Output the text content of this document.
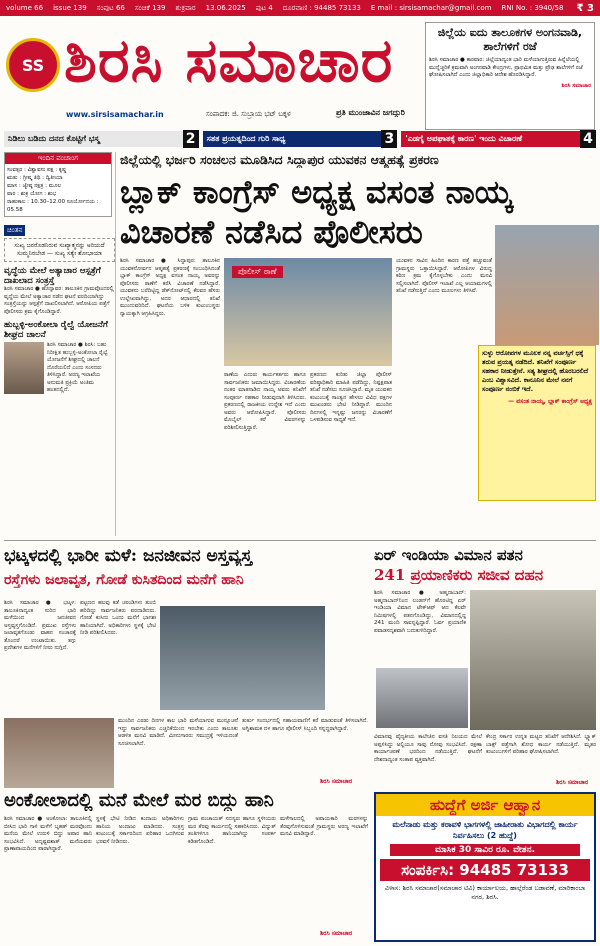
volume 66 issue 139 ಸಂಪುಟ 66 ಸಂಚಿಕೆ 139 ಶುಕ್ರವಾರ 13.06.2025 ಪುಟ 4 ದೂರವಾಣಿ : 94485 73133 E mail : sirsisamachar@gmail.com RNI No. : 3940/58 ₹ 3
SS ಶಿರಸಿ ಸಮಾಚಾರ
www.sirsisamachar.in	ಸಂಪಾದಕ: ಜಿ. ಸುಬ್ರಾಯ ಭಟ್ ಬಕ್ಕಳ	ಪ್ರತಿ ಮುಂಜಾವಿನ ಜಗದ್ಗುರಿ
ಜಿಲ್ಲೆಯ ಐದು ತಾಲೂಕಗಳ ಅಂಗನವಾಡಿ, ಶಾಲೆಗಳಿಗೆ ರಜೆ

ಶಿರಸಿ ಸಮಾಚಾರ ● ಕಾರವಾರ: ಜಿಲ್ಲೆಯಾದ್ಯಂತ ಭಾರಿ ಮಳೆಯಾಗುತ್ತಿರುವ ಹಿನ್ನೆಲೆಯಲ್ಲಿ ಮುನ್ನೆಚ್ಚರಿಕೆ ಕ್ರಮವಾಗಿ ಅಂಗನವಾಡಿ ಕೇಂದ್ರಗಳು, ಪ್ರಾಥಮಿಕ ಮತ್ತು ಪ್ರೌಢ ಶಾಲೆಗಳಿಗೆ ರಜೆ ಘೋಷಿಸಲಾಗಿದೆ ಎಂದು ಜಿಲ್ಲಾಧಿಕಾರಿ ಆದೇಶ ಹೊರಡಿಸಿದ್ದಾರೆ.

ಶಿರಸಿ ಸಮಾಚಾರ

ನಿಡಿಲು ಬಡಿದು ದನದ ಕೊಟ್ಟಿಗೆ ಭಸ್ಮ	2	ಸತತ ಪ್ರಯತ್ನದಿಂದ ಗುರಿ ಸಾಧ್ಯ	3	'ಎಡಗೈ ಅಪಘಾತಕ್ಕೆ ಕಾರಣ' ಇಂದು ವಿಚಾರಣೆ	4
ಇಂದಿನ ಪಂಚಾಂಗ
ಸಂವತ್ಸರ : ವಿಶ್ವಾವಸು ಪಕ್ಷ : ಕೃಷ್ಣ
ಋತು : ಗ್ರೀಷ್ಮ ತಿಥಿ : ದ್ವಿತೀಯಾ
ಮಾಸ : ಜ್ಯೇಷ್ಠ ನಕ್ಷತ್ರ : ಮೂಲ
ವಾರ : ಶುಕ್ರ ಯೋಗ : ಶುಭ
ರಾಹುಕಾಲ : 10.30–12.00 ಸೂರ್ಯೋದಯ : 05.58
ಚಿಂತನ

ಸುಖ್ಯ ಜನರೊಡನಿರುವ ಸುಖ್ಯಾತ್ಮನನ್ನು ಅರಿಯದೆ ಸುಮ್ಮನಿರಬೇಡ — ಸುಖ್ಯ ಸತ್ಯೇ ಶೋಭಾಯಾ

ವೃದ್ಧೆಯ ಮೇಲೆ ಅತ್ಯಾಚಾರ ಆಸ್ಪತ್ರೆಗೆ ದಾಖಲಾದ ಸಂತ್ರಸ್ತೆ
ಶಿರಸಿ ಸಮಾಚಾರ ● ಹೊನ್ನಾವರ: ತಾಲೂಕಿನ ಗ್ರಾಮವೊಂದರಲ್ಲಿ ವೃದ್ಧೆಯ ಮೇಲೆ ಅತ್ಯಾಚಾರ ನಡೆದ ಘಟನೆ ವರದಿಯಾಗಿದ್ದು ಸಂತ್ರಸ್ತೆಯನ್ನು ಆಸ್ಪತ್ರೆಗೆ ದಾಖಲಿಸಲಾಗಿದೆ. ಆರೋಪಿಯ ಪತ್ತೆಗೆ ಪೊಲೀಸರು ಕ್ರಮ ಕೈಗೊಂಡಿದ್ದಾರೆ.
ಹುಬ್ಬಳ್ಳಿ-ಅಂಕೋಲಾ ರೈಲ್ವೆ ಯೋಜನೆಗೆ ಶೀಘ್ರದ ಚಾಲನೆ
ಶಿರಸಿ ಸಮಾಚಾರ ● ಶಿರಸಿ: ಬಹು ನಿರೀಕ್ಷಿತ ಹುಬ್ಬಳ್ಳಿ-ಅಂಕೋಲಾ ರೈಲ್ವೆ ಯೋಜನೆಗೆ ಶೀಘ್ರದಲ್ಲಿ ಚಾಲನೆ ದೊರೆಯಲಿದೆ ಎಂದು ಸಂಸದರು ತಿಳಿಸಿದ್ದಾರೆ. ಅರಣ್ಯ ಇಲಾಖೆಯ ಅನುಮತಿ ಪ್ರಕ್ರಿಯೆ ಅಂತಿಮ ಹಂತದಲ್ಲಿದೆ.
ಜಿಲ್ಲೆಯಲ್ಲಿ ಭರ್ಜರಿ ಸಂಚಲನ ಮೂಡಿಸಿದ ಸಿದ್ದಾಪುರ ಯುವಕನ ಆತ್ಮಹತ್ಯೆ ಪ್ರಕರಣ
ಬ್ಲಾಕ್ ಕಾಂಗ್ರೆಸ್ ಅಧ್ಯಕ್ಷ ವಸಂತ ನಾಯ್ಕ
ವಿಚಾರಣೆ ನಡೆಸಿದ ಪೊಲೀಸರು
ಶಿರಸಿ ಸಮಾಚಾರ ● ಸಿದ್ದಾಪುರ: ತಾಲೂಕಿನ ಯುವಕನೋರ್ವನ ಆತ್ಮಹತ್ಯೆ ಪ್ರಕರಣಕ್ಕೆ ಸಂಬಂಧಿಸಿದಂತೆ ಬ್ಲಾಕ್ ಕಾಂಗ್ರೆಸ್ ಅಧ್ಯಕ್ಷ ವಸಂತ ನಾಯ್ಕ ಅವರನ್ನು ಪೊಲೀಸರು ಠಾಣೆಗೆ ಕರೆಸಿ ವಿಚಾರಣೆ ನಡೆಸಿದ್ದಾರೆ. ಯುವಕನು ಬರೆದಿಟ್ಟಿದ್ದ ಡೆತ್‌ನೋಟ್‌ನಲ್ಲಿ ಕೆಲವರ ಹೆಸರು ಉಲ್ಲೇಖವಾಗಿದ್ದು, ಅದರ ಆಧಾರದಲ್ಲಿ ತನಿಖೆ ಮುಂದುವರಿದಿದೆ. ಘಟನೆಯ ಬಳಿಕ ಕುಟುಂಬಸ್ಥರು ನ್ಯಾಯಕ್ಕಾಗಿ ಆಗ್ರಹಿಸಿದ್ದರು.
ಪೊಲೀಸ್ ಠಾಣೆ
ಠಾಣೆಯ ಎದುರು ಕಾರ್ಯಕರ್ತರು ಹಾಗೂ ಸಾರ್ವಜನಿಕರು ಜಮಾಯಿಸಿದ್ದರು. ವಿಚಾರಣೆಯ ನಂತರ ಮಾತನಾಡಿದ ನಾಯ್ಕ ಅವರು ತನಿಖೆಗೆ ಸಂಪೂರ್ಣ ಸಹಕಾರ ನೀಡುವುದಾಗಿ ತಿಳಿಸಿದರು. ಪ್ರಕರಣದಲ್ಲಿ ರಾಜಕೀಯ ಉದ್ದೇಶ ಇದೆ ಎಂದು ಅವರು ಆರೋಪಿಸಿದ್ದಾರೆ. ಪೊಲೀಸರು ಮೊಬೈಲ್ ಕರೆ ವಿವರಗಳನ್ನು ಪರಿಶೀಲಿಸುತ್ತಿದ್ದಾರೆ.
ಪ್ರಕರಣದ ಕುರಿತು ಜಿಲ್ಲಾ ಪೊಲೀಸ್ ವರಿಷ್ಠಾಧಿಕಾರಿ ಮಾಹಿತಿ ಪಡೆದಿದ್ದು, ನಿಷ್ಪಕ್ಷಪಾತ ತನಿಖೆ ನಡೆಸಲು ಸೂಚಿಸಿದ್ದಾರೆ. ಮೃತ ಯುವಕನ ಕುಟುಂಬಕ್ಕೆ ಸಾಂತ್ವನ ಹೇಳಲು ವಿವಿಧ ಪಕ್ಷಗಳ ಮುಖಂಡರು ಭೇಟಿ ನೀಡಿದ್ದಾರೆ. ಮುಂದಿನ ದಿನಗಳಲ್ಲಿ ಇನ್ನಷ್ಟು ಜನರನ್ನು ವಿಚಾರಣೆಗೆ ಒಳಪಡಿಸುವ ಸಾಧ್ಯತೆ ಇದೆ.
ಯುವಕನ ಸಾವಿನ ಹಿಂದಿನ ಕಾರಣ ಪತ್ತೆ ಹಚ್ಚುವಂತೆ ಗ್ರಾಮಸ್ಥರು ಒತ್ತಾಯಿಸಿದ್ದಾರೆ. ಆರೋಪಿಗಳ ವಿರುದ್ಧ ಕಠಿಣ ಕ್ರಮ ಕೈಗೊಳ್ಳಬೇಕು ಎಂದು ಮನವಿ ಸಲ್ಲಿಸಲಾಗಿದೆ. ಪೊಲೀಸ್ ಇಲಾಖೆ ಎಲ್ಲ ಆಯಾಮಗಳಲ್ಲಿ ತನಿಖೆ ನಡೆಸುತ್ತಿದೆ ಎಂದು ಮೂಲಗಳು ತಿಳಿಸಿವೆ.
ಸುಳ್ಳು ಆರೋಪಗಳ ಮೂಲಕ ನನ್ನ ವರ್ಚಸ್ಸಿಗೆ ಧಕ್ಕೆ ತರುವ ಪ್ರಯತ್ನ ನಡೆದಿದೆ. ತನಿಖೆಗೆ ಸಂಪೂರ್ಣ ಸಹಕಾರ ನೀಡುತ್ತೇನೆ. ಸತ್ಯ ಶೀಘ್ರದಲ್ಲಿ ಹೊರಬರಲಿದೆ ಎಂಬ ವಿಶ್ವಾಸವಿದೆ. ಕಾನೂನಿನ ಮೇಲೆ ನನಗೆ ಸಂಪೂರ್ಣ ನಂಬಿಕೆ ಇದೆ.
— ವಸಂತ ನಾಯ್ಕ, ಬ್ಲಾಕ್ ಕಾಂಗ್ರೆಸ್ ಅಧ್ಯಕ್ಷ
ಭಟ್ಕಳದಲ್ಲಿ ಭಾರೀ ಮಳೆ: ಜನಜೀವನ ಅಸ್ತವ್ಯಸ್ತ
ರಸ್ತೆಗಳು ಜಲಾವೃತ, ಗೋಡೆ ಕುಸಿತದಿಂದ ಮನೆಗೆ ಹಾನಿ
ಶಿರಸಿ ಸಮಾಚಾರ ● ಭಟ್ಕಳ: ತಾಲೂಕಿನಾದ್ಯಂತ ಸುರಿದ ಭಾರಿ ಮಳೆಯಿಂದ ಜನಜೀವನ ಅಸ್ತವ್ಯಸ್ತಗೊಂಡಿದೆ. ಪ್ರಮುಖ ರಸ್ತೆಗಳು ಜಲಾವೃತಗೊಂಡು ವಾಹನ ಸಂಚಾರಕ್ಕೆ ತೊಂದರೆ ಉಂಟಾಯಿತು. ತಗ್ಗು ಪ್ರದೇಶಗಳ ಮನೆಗಳಿಗೆ ನೀರು ನುಗ್ಗಿದೆ.
ಪಟ್ಟಣದ ಹಲವು ಕಡೆ ಚರಂಡಿಗಳು ತುಂಬಿ ಹರಿದಿದ್ದು ಸಾರ್ವಜನಿಕರು ಪರದಾಡಿದರು. ಗೋಡೆ ಕುಸಿದು ಒಂದು ಮನೆಗೆ ಭಾಗಶಃ ಹಾನಿಯಾಗಿದೆ. ಅಧಿಕಾರಿಗಳು ಸ್ಥಳಕ್ಕೆ ಭೇಟಿ ನೀಡಿ ಪರಿಶೀಲಿಸಿದರು.
ಮುಂದಿನ ಎರಡು ದಿನಗಳ ಕಾಲ ಭಾರಿ ಮಳೆಯಾಗುವ ಮುನ್ಸೂಚನೆ ಇದ್ದು ಸಾರ್ವಜನಿಕರು ಎಚ್ಚರಿಕೆಯಿಂದ ಇರಬೇಕು ಎಂದು ತಾಲೂಕು ಆಡಳಿತ ಮನವಿ ಮಾಡಿದೆ. ಮೀನುಗಾರರು ಸಮುದ್ರಕ್ಕೆ ಇಳಿಯದಂತೆ ಸೂಚಿಸಲಾಗಿದೆ.
ತುರ್ತು ಸಂದರ್ಭದಲ್ಲಿ ಸಹಾಯವಾಣಿಗೆ ಕರೆ ಮಾಡುವಂತೆ ತಿಳಿಸಲಾಗಿದೆ. ಅಗ್ನಿಶಾಮಕ ದಳ ಹಾಗೂ ಪೊಲೀಸ್ ಸಿಬ್ಬಂದಿ ಸನ್ನದ್ಧರಾಗಿದ್ದಾರೆ.
ಶಿರಸಿ ಸಮಾಚಾರ
ಏರ್ ಇಂಡಿಯಾ ವಿಮಾನ ಪತನ
241 ಪ್ರಯಾಣಿಕರು ಸಜೀವ ದಹನ
ಶಿರಸಿ ಸಮಾಚಾರ ● ಅಹ್ಮದಾಬಾದ್: ಅಹ್ಮದಾಬಾದ್‌ನಿಂದ ಲಂಡನ್‌ಗೆ ಹೊರಟಿದ್ದ ಏರ್ ಇಂಡಿಯಾ ವಿಮಾನ ಟೇಕ್‌ಆಫ್ ಆದ ಕೆಲವೇ ನಿಮಿಷಗಳಲ್ಲಿ ಪತನಗೊಂಡಿದ್ದು, ವಿಮಾನದಲ್ಲಿದ್ದ 241 ಮಂದಿ ಸಾವನ್ನಪ್ಪಿದ್ದಾರೆ. ಓರ್ವ ಪ್ರಯಾಣಿಕ ಪವಾಡಸದೃಶವಾಗಿ ಬದುಕುಳಿದಿದ್ದಾರೆ.
ವಿಮಾನವು ವೈದ್ಯಕೀಯ ಕಾಲೇಜಿನ ವಸತಿ ನಿಲಯದ ಮೇಲೆ ಅಪ್ಪಳಿಸಿದ್ದು ಅಲ್ಲಿಯೂ ಸಾವು ನೋವು ಸಂಭವಿಸಿದೆ. ರಕ್ಷಣಾ ಕಾರ್ಯಾಚರಣೆ ಭರದಿಂದ ನಡೆಯುತ್ತಿದೆ. ಘಟನೆಗೆ ದೇಶದಾದ್ಯಂತ ಸಂತಾಪ ವ್ಯಕ್ತವಾಗಿದೆ.
ಕೇಂದ್ರ ಸರ್ಕಾರ ಉನ್ನತ ಮಟ್ಟದ ತನಿಖೆಗೆ ಆದೇಶಿಸಿದೆ. ಬ್ಲ್ಯಾಕ್ ಬಾಕ್ಸ್ ಪತ್ತೆಗಾಗಿ ಶೋಧ ಕಾರ್ಯ ನಡೆಯುತ್ತಿದೆ. ಮೃತರ ಕುಟುಂಬಗಳಿಗೆ ಪರಿಹಾರ ಘೋಷಿಸಲಾಗಿದೆ.
ಶಿರಸಿ ಸಮಾಚಾರ
ಅಂಕೋಲಾದಲ್ಲಿ ಮನೆ ಮೇಲೆ ಮರ ಬಿದ್ದು ಹಾನಿ
ಶಿರಸಿ ಸಮಾಚಾರ ● ಅಂಕೋಲಾ: ತಾಲೂಕಿನಲ್ಲಿ ಬೀಸಿದ ಭಾರಿ ಗಾಳಿ ಮಳೆಗೆ ಬೃಹತ್ ಮರವೊಂದು ಮನೆಯ ಮೇಲೆ ಉರುಳಿ ಬಿದ್ದು ಅಪಾರ ಹಾನಿ ಸಂಭವಿಸಿದೆ. ಅದೃಷ್ಟವಶಾತ್ ಮನೆಯವರು ಪ್ರಾಣಾಪಾಯದಿಂದ ಪಾರಾಗಿದ್ದಾರೆ.
ಸ್ಥಳಕ್ಕೆ ಭೇಟಿ ನೀಡಿದ ಕಂದಾಯ ಅಧಿಕಾರಿಗಳು ಹಾನಿಯ ಅಂದಾಜು ಮಾಡಿದರು. ಸಂತ್ರಸ್ತ ಕುಟುಂಬಕ್ಕೆ ಸರ್ಕಾರದಿಂದ ಪರಿಹಾರ ಒದಗಿಸುವ ಭರವಸೆ ನೀಡಿದರು.
ಗ್ರಾಮ ಪಂಚಾಯತ್ ಸದಸ್ಯರು ಹಾಗೂ ಸ್ಥಳೀಯರು ಮರ ತೆರವು ಕಾರ್ಯದಲ್ಲಿ ಸಹಕರಿಸಿದರು. ವಿದ್ಯುತ್ ತಂತಿಗಳಿಗೂ ಹಾನಿಯಾಗಿದ್ದು ಸಂಪರ್ಕ ಕಡಿತಗೊಂಡಿದೆ.
ಮಳೆಗಾಲದಲ್ಲಿ ಅಪಾಯಕಾರಿ ಮರಗಳನ್ನು ತೆರವುಗೊಳಿಸುವಂತೆ ಗ್ರಾಮಸ್ಥರು ಅರಣ್ಯ ಇಲಾಖೆಗೆ ಮನವಿ ಮಾಡಿದ್ದಾರೆ.
ಶಿರಸಿ ಸಮಾಚಾರ
ಹುದ್ದೆಗೆ ಅರ್ಜಿ ಆಹ್ವಾನ
ಮಲೆನಾಡು ಮತ್ತು ಕರಾವಳಿ ಭಾಗಗಳಲ್ಲಿ ಜಾಹೀರಾತು ವಿಭಾಗದಲ್ಲಿ ಕಾರ್ಯ ನಿರ್ವಹಿಸಲು (2 ಹುದ್ದೆ)
ಮಾಸಿಕ 30 ಸಾವಿರ ರೂ. ವೇತನ.
ಸಂಪರ್ಕಿಸಿ: 94485 73133
ವಿಳಾಸ: ಶಿರಸಿ ಸಮಾಚಾರ(ಸಮಾಚಾರ ಟಿವಿ) ಕಾರ್ಯಾಲಯ, ಹಾಲ್ಗೆರೆಂಡ ಬಡಾವಣೆ, ಮಾರಿಕಾಂಬಾ ನಗರ, ಶಿರಸಿ.
